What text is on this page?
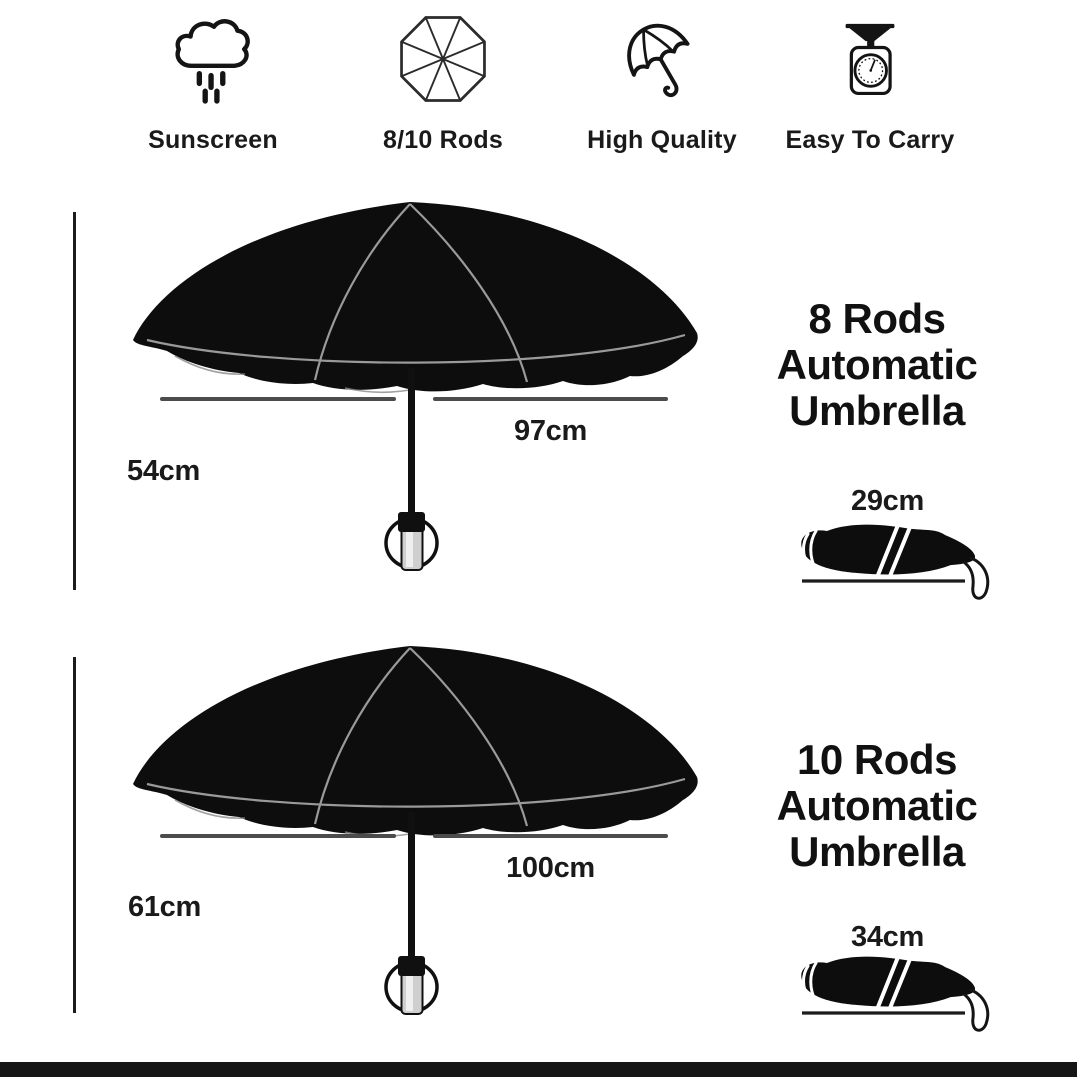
Sunscreen	8/10 Rods	High Quality Easy To Carry
97cm
54cm
8 Rods
Automatic
Umbrella
29cm
100cm
61cm
10 Rods
Automatic
Umbrella
34cm
